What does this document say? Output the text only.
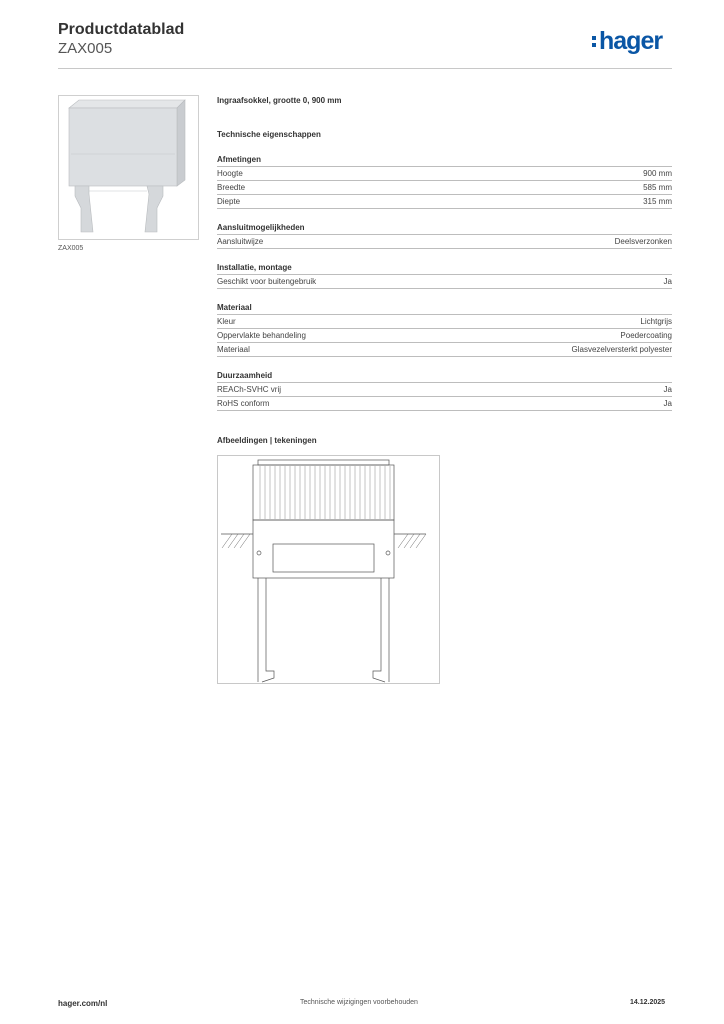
Productdatablad
ZAX005	hager
ZAX005
Ingraafsokkel, grootte 0, 900 mm
Technische eigenschappen
Afmetingen
Hoogte	900 mm
Breedte	585 mm
Diepte	315 mm
Aansluitmogelijkheden
Aansluitwijze	Deelsverzonken
Installatie, montage
Geschikt voor buitengebruik	Ja
Materiaal
Kleur	Lichtgrijs
Oppervlakte behandeling	Poedercoating
Materiaal	Glasvezelversterkt polyester
Duurzaamheid
REACh-SVHC vrij	Ja
RoHS conform	Ja
Afbeeldingen | tekeningen
hager.com/nl	Technische wijzigingen voorbehouden	14.12.2025
